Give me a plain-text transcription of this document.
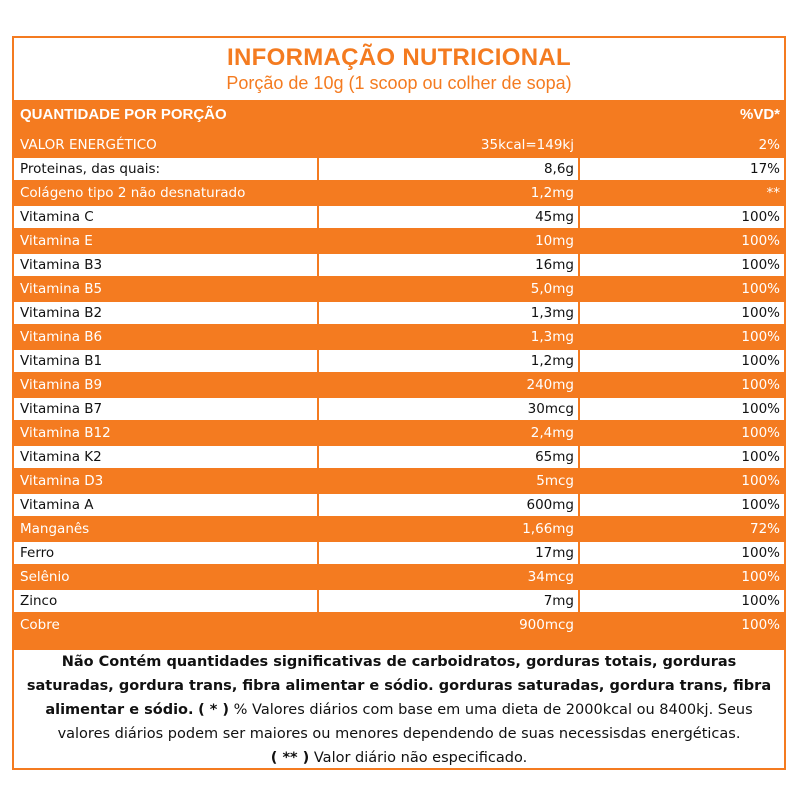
INFORMAÇÃO NUTRICIONAL
Porção de 10g (1 scoop ou colher de sopa)
QUANTIDADE POR PORÇÃO	%VD*
VALOR ENERGÉTICO	35kcal=149kj	2%
Proteinas, das quais:	8,6g	17%
Colágeno tipo 2 não desnaturado	1,2mg	**
Vitamina C	45mg	100%
Vitamina E	10mg	100%
Vitamina B3	16mg	100%
Vitamina B5	5,0mg	100%
Vitamina B2	1,3mg	100%
Vitamina B6	1,3mg	100%
Vitamina B1	1,2mg	100%
Vitamina B9	240mg	100%
Vitamina B7	30mcg	100%
Vitamina B12	2,4mg	100%
Vitamina K2	65mg	100%
Vitamina D3	5mcg	100%
Vitamina A	600mg	100%
Manganês	1,66mg	72%
Ferro	17mg	100%
Selênio	34mcg	100%
Zinco	7mg	100%
Cobre	900mcg	100%
Não Contém quantidades significativas de carboidratos, gorduras totais, gorduras saturadas, gordura trans, fibra alimentar e sódio. gorduras saturadas, gordura trans, fibra alimentar e sódio. ( * ) % Valores diários com base em uma dieta de 2000kcal ou 8400kj. Seus valores diários podem ser maiores ou menores dependendo de suas necessisdas energéticas.
( ** ) Valor diário não especificado.
